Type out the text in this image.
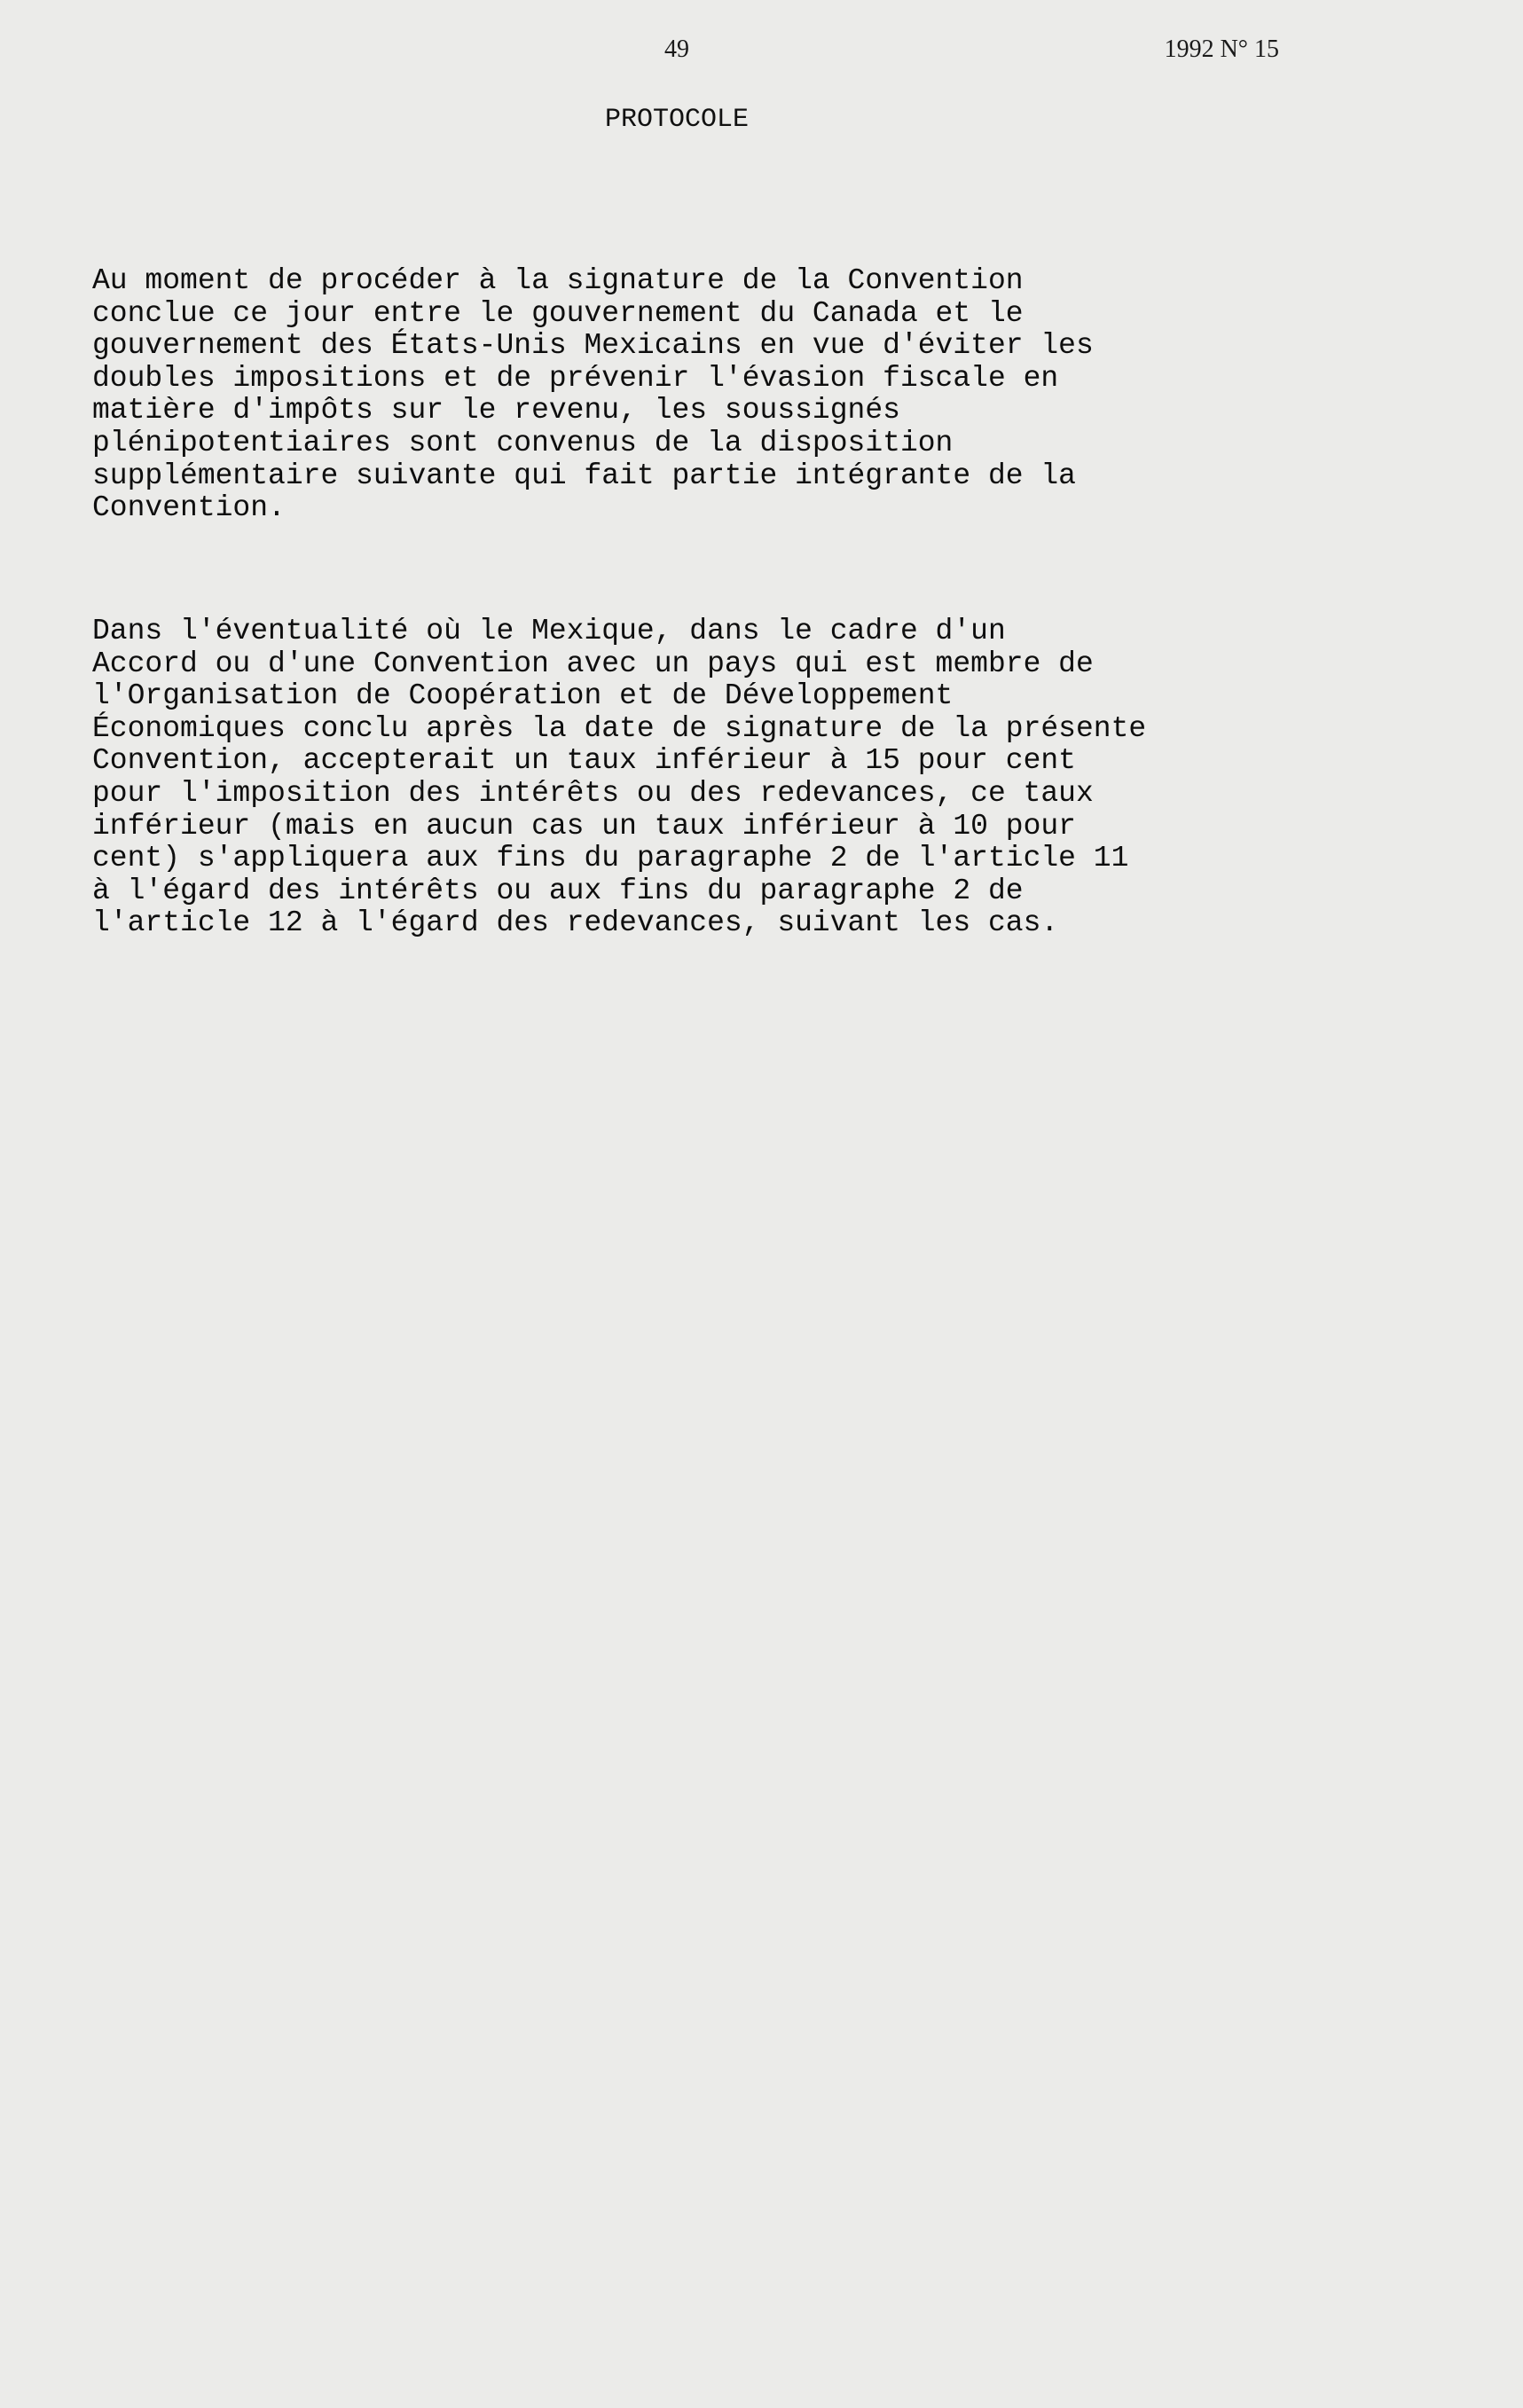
49	1992 N° 15
PROTOCOLE

Au moment de procéder à la signature de la Convention
conclue ce jour entre le gouvernement du Canada et le
gouvernement des États-Unis Mexicains en vue d'éviter les
doubles impositions et de prévenir l'évasion fiscale en
matière d'impôts sur le revenu, les soussignés
plénipotentiaires sont convenus de la disposition
supplémentaire suivante qui fait partie intégrante de la
Convention.

Dans l'éventualité où le Mexique, dans le cadre d'un
Accord ou d'une Convention avec un pays qui est membre de
l'Organisation de Coopération et de Développement
Économiques conclu après la date de signature de la présente
Convention, accepterait un taux inférieur à 15 pour cent
pour l'imposition des intérêts ou des redevances, ce taux
inférieur (mais en aucun cas un taux inférieur à 10 pour
cent) s'appliquera aux fins du paragraphe 2 de l'article 11
à l'égard des intérêts ou aux fins du paragraphe 2 de
l'article 12 à l'égard des redevances, suivant les cas.
